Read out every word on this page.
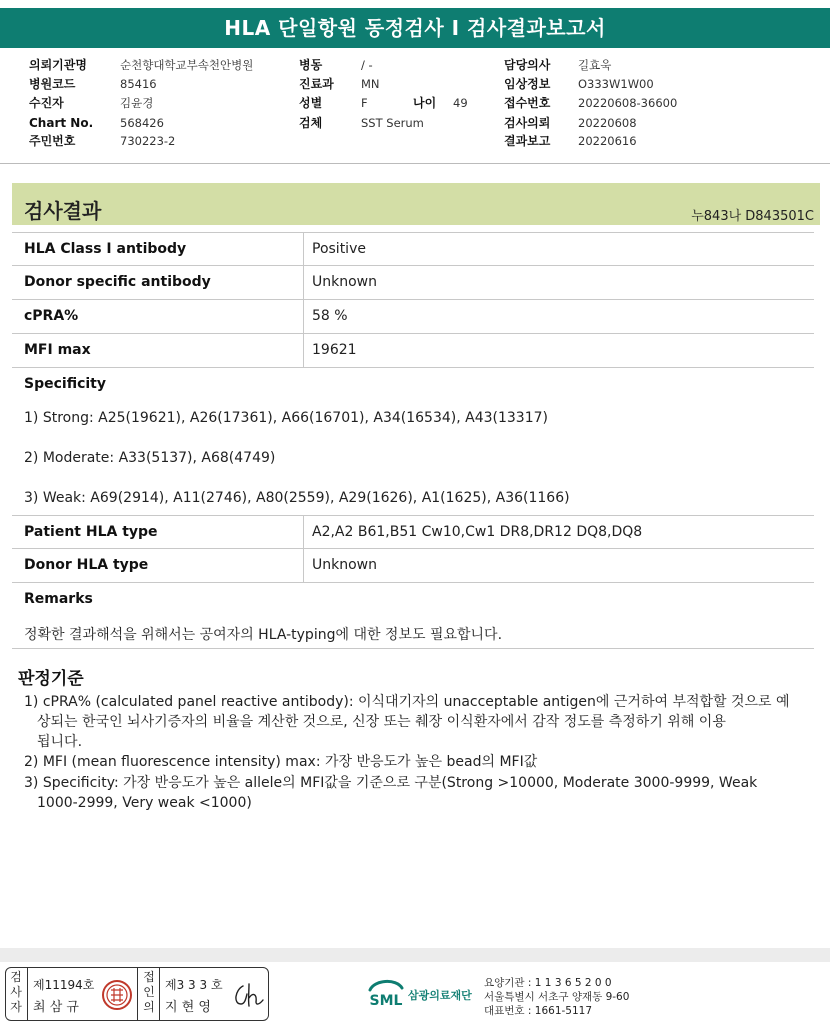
HLA 단일항원 동정검사 I 검사결과보고서
의뢰기관명	순천향대학교부속천안병원	병동	/ -	담당의사 길효욱
병원코드	85416	진료과 MN	임상정보 O333W1W00
수진자	김윤경	성별	F	나이 49	접수번호 20220608-36600
Chart No. 568426	검체	SST Serum	검사의뢰 20220608
주민번호	730223-2	결과보고 20220616
검사결과	누843나 D843501C
HLA Class I antibody	Positive
Donor specific antibody	Unknown
cPRA%	58 %
MFI max	19621
Specificity
1) Strong: A25(19621), A26(17361), A66(16701), A34(16534), A43(13317)
2) Moderate: A33(5137), A68(4749)
3) Weak: A69(2914), A11(2746), A80(2559), A29(1626), A1(1625), A36(1166)
Patient HLA type	A2,A2 B61,B51 Cw10,Cw1 DR8,DR12 DQ8,DQ8
Donor HLA type	Unknown
Remarks
정확한 결과해석을 위해서는 공여자의 HLA-typing에 대한 정보도 필요합니다.
판정기준
1) cPRA% (calculated panel reactive antibody): 이식대기자의 unacceptable antigen에 근거하여 부적합할 것으로 예
상되는 한국인 뇌사기증자의 비율을 계산한 것으로, 신장 또는 췌장 이식환자에서 감작 정도를 측정하기 위해 이용
됩니다.
2) MFI (mean fluorescence intensity) max: 가장 반응도가 높은 bead의 MFI값
3) Specificity: 가장 반응도가 높은 allele의 MFI값을 기준으로 구분(Strong >10000, Moderate 3000-9999, Weak
1000-2999, Very weak <1000)
검
사
자
제11194호
최 삼 규
접
인
의
제3 3 3 호
지 현 영	SML 삼광의료재단
요양기관 : 1 1 3 6 5 2 0 0
서울특별시 서초구 양재동 9-60
대표번호 : 1661-5117
